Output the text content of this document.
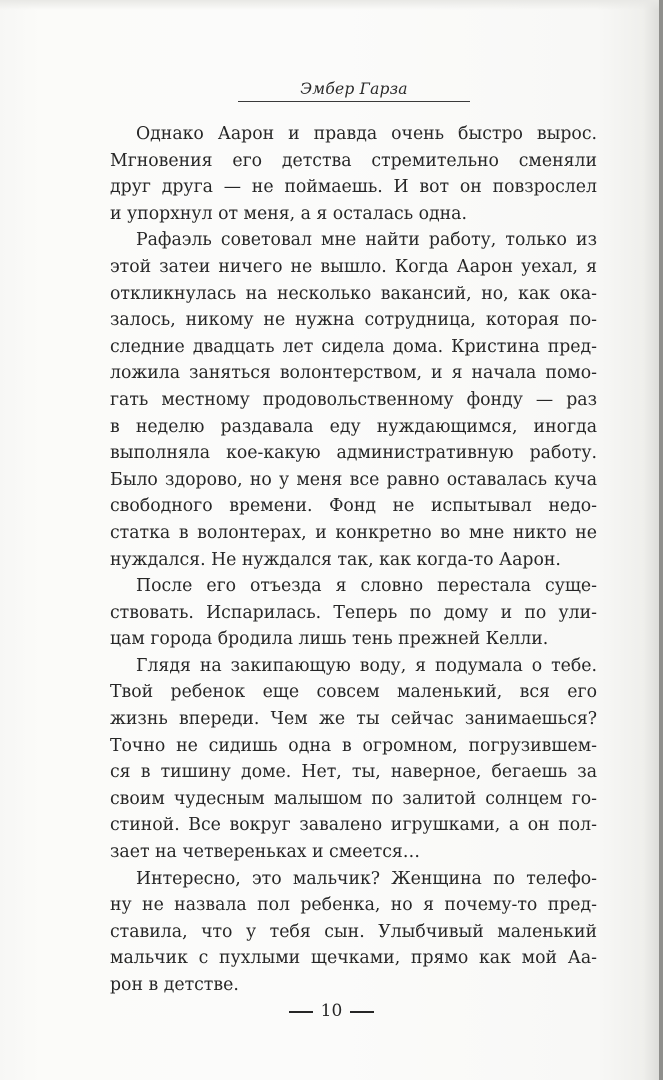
Эмбер Гарза
Однако Аарон и правда очень быстро вырос.
Мгновения его детства стремительно сменяли
друг друга — не поймаешь. И вот он повзрослел
и упорхнул от меня, а я осталась одна.
Рафаэль советовал мне найти работу, только из
этой затеи ничего не вышло. Когда Аарон уехал, я
откликнулась на несколько вакансий, но, как ока-
залось, никому не нужна сотрудница, которая по-
следние двадцать лет сидела дома. Кристина пред-
ложила заняться волонтерством, и я начала помо-
гать местному продовольственному фонду — раз
в неделю раздавала еду нуждающимся, иногда
выполняла кое-какую административную работу.
Было здорово, но у меня все равно оставалась куча
свободного времени. Фонд не испытывал недо-
статка в волонтерах, и конкретно во мне никто не
нуждался. Не нуждался так, как когда-то Аарон.
После его отъезда я словно перестала суще-
ствовать. Испарилась. Теперь по дому и по ули-
цам города бродила лишь тень прежней Келли.
Глядя на закипающую воду, я подумала о тебе.
Твой ребенок еще совсем маленький, вся его
жизнь впереди. Чем же ты сейчас занимаешься?
Точно не сидишь одна в огромном, погрузившем-
ся в тишину доме. Нет, ты, наверное, бегаешь за
своим чудесным малышом по залитой солнцем го-
стиной. Все вокруг завалено игрушками, а он пол-
зает на четвереньках и смеется…
Интересно, это мальчик? Женщина по телефо-
ну не назвала пол ребенка, но я почему-то пред-
ставила, что у тебя сын. Улыбчивый маленький
мальчик с пухлыми щечками, прямо как мой Аа-
рон в детстве.
10
